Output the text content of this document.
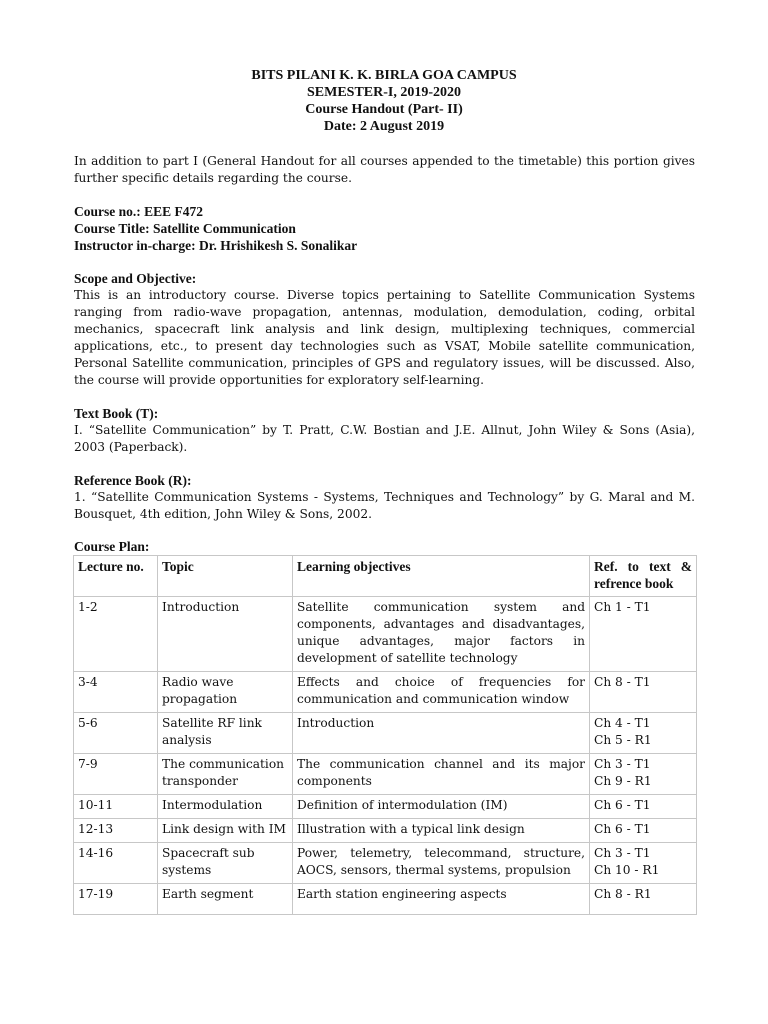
BITS PILANI K. K. BIRLA GOA CAMPUS
SEMESTER-I, 2019-2020
Course Handout (Part- II)
Date: 2 August 2019
In addition to part I (General Handout for all courses appended to the timetable) this portion gives further specific details regarding the course.
Course no.: EEE F472
Course Title: Satellite Communication
Instructor in-charge: Dr. Hrishikesh S. Sonalikar
Scope and Objective:
This is an introductory course. Diverse topics pertaining to Satellite Communication Systems ranging from radio-wave propagation, antennas, modulation, demodulation, coding, orbital mechanics, spacecraft link analysis and link design, multiplexing techniques, commercial applications, etc., to present day technologies such as VSAT, Mobile satellite communication, Personal Satellite communication, principles of GPS and regulatory issues, will be discussed. Also, the course will provide opportunities for exploratory self-learning.
Text Book (T):
I. “Satellite Communication” by T. Pratt, C.W. Bostian and J.E. Allnut, John Wiley & Sons (Asia), 2003 (Paperback).
Reference Book (R):
1. “Satellite Communication Systems - Systems, Techniques and Technology” by G. Maral and M. Bousquet, 4th edition, John Wiley & Sons, 2002.
Course Plan:
Lecture no.	Topic	Learning objectives	Ref. to text & refrence book
1-2	Introduction	Satellite communication system and components, advantages and disadvantages, unique advantages, major factors in development of satellite technology	Ch 1 - T1

3-4	Radio wave propagation	Effects and choice of frequencies for communication and communication window	Ch 8 - T1

5-6	Satellite RF link analysis	Introduction	Ch 4 - T1
Ch 5 - R1

7-9	The communication transponder	The communication channel and its major components	Ch 3 - T1
Ch 9 - R1

10-11	Intermodulation	Definition of intermodulation (IM)	Ch 6 - T1

12-13	Link design with IM	Illustration with a typical link design	Ch 6 - T1

14-16	Spacecraft sub systems	Power, telemetry, telecommand, structure, AOCS, sensors, thermal systems, propulsion	Ch 3 - T1
Ch 10 - R1

17-19	Earth segment	Earth station engineering aspects	Ch 8 - R1
